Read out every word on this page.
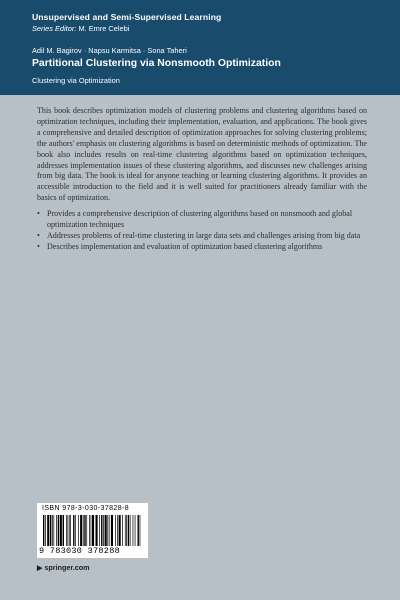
Unsupervised and Semi-Supervised Learning
Series Editor: M. Emre Celebi
Adil M. Bagirov · Napsu Karmitsa · Sona Taheri
Partitional Clustering via Nonsmooth Optimization
Clustering via Optimization

This book describes optimization models of clustering problems and clustering algorithms based on optimization techniques, including their implementation, evaluation, and applications. The book gives a comprehensive and detailed description of optimization approaches for solving clustering problems; the authors' emphasis on clustering algorithms is based on deterministic methods of optimization. The book also includes results on real-time clustering algorithms based on optimization techniques, addresses implementation issues of these clustering algorithms, and discusses new challenges arising from big data. The book is ideal for anyone teaching or learning clustering algorithms. It provides an accessible introduction to the field and it is well suited for practitioners already familiar with the basics of optimization.

• Provides a comprehensive description of clustering algorithms based on nonsmooth and global optimization techniques
• Addresses problems of real-time clustering in large data sets and challenges arising from big data
• Describes implementation and evaluation of optimization based clustering algorithms
ISBN 978-3-030-37828-8
9 783030 378288
▶ springer.com
